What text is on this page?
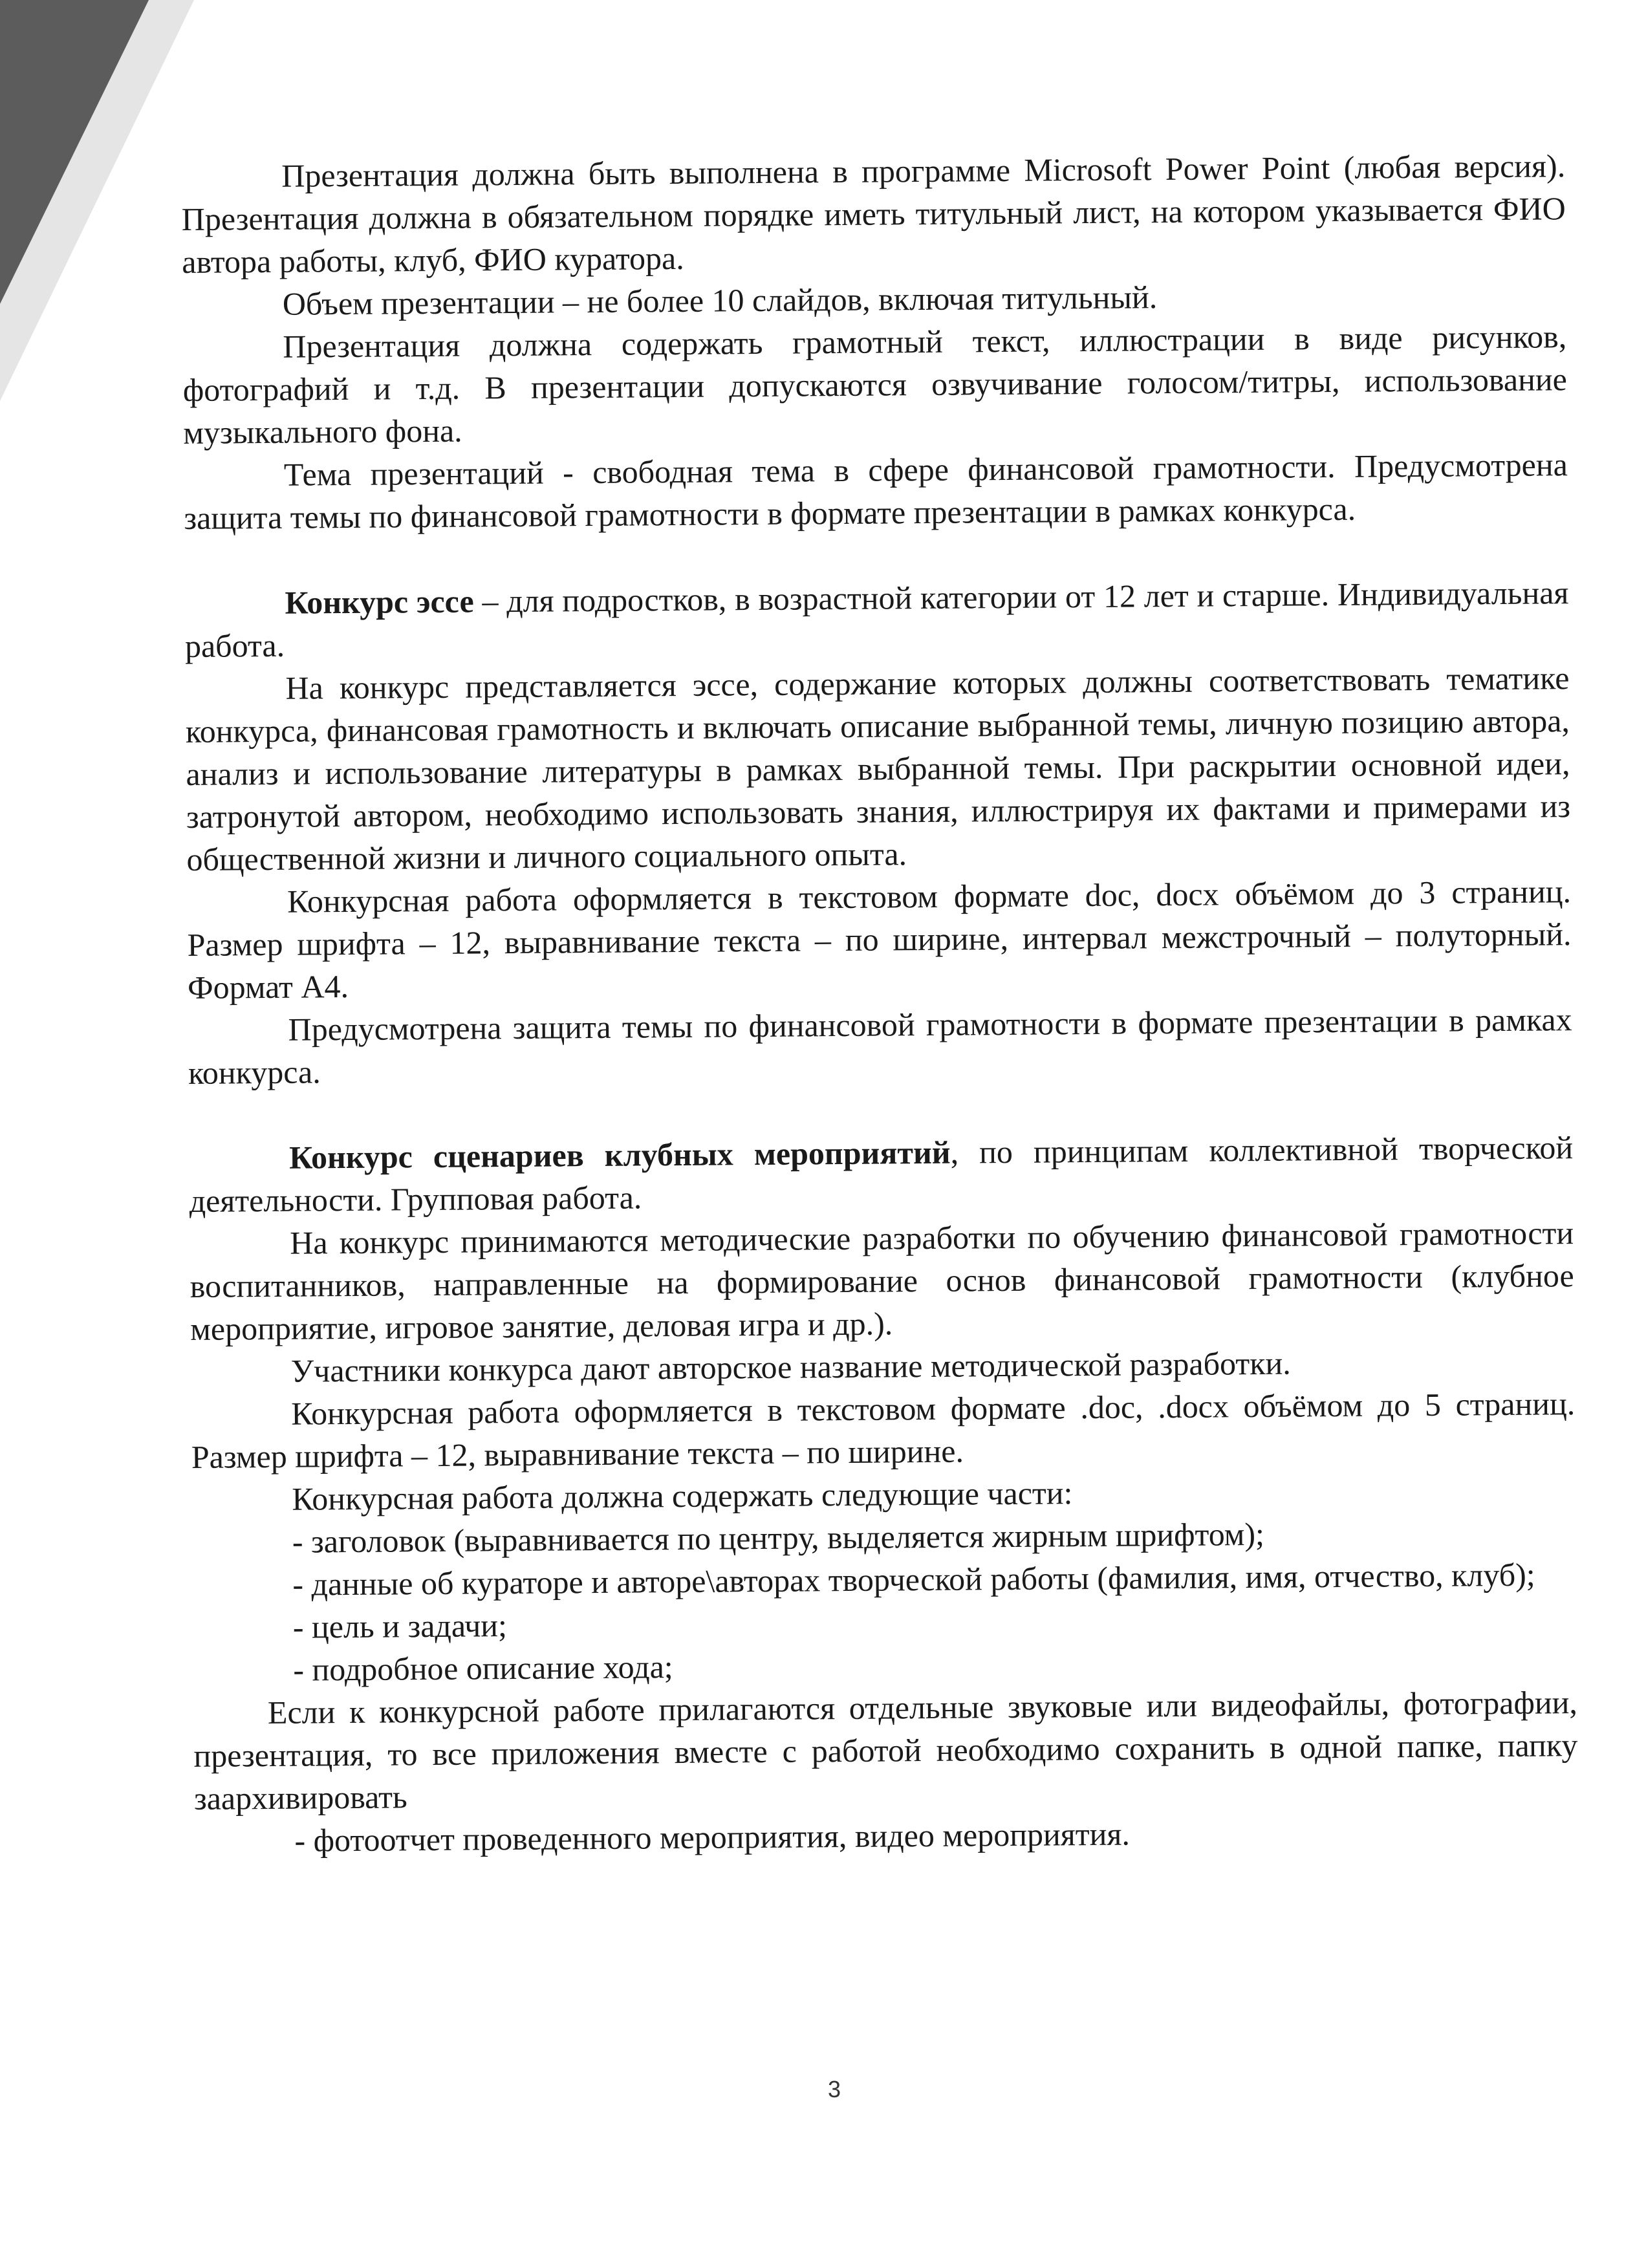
Презентация должна быть выполнена в программе Microsoft Power Point (любая версия). Презентация должна в обязательном порядке иметь титульный лист, на котором указывается ФИО автора работы, клуб, ФИО куратора.

Объем презентации – не более 10 слайдов, включая титульный.

Презентация должна содержать грамотный текст, иллюстрации в виде рисунков, фотографий и т.д. В презентации допускаются озвучивание голосом/титры, использование музыкального фона.

Тема презентаций - свободная тема в сфере финансовой грамотности. Предусмотрена защита темы по финансовой грамотности в формате презентации в рамках конкурса.

Конкурс эссе – для подростков, в возрастной категории от 12 лет и старше. Индивидуальная работа.

На конкурс представляется эссе, содержание которых должны соответствовать тематике конкурса, финансовая грамотность и включать описание выбранной темы, личную позицию автора, анализ и использование литературы в рамках выбранной темы. При раскрытии основной идеи, затронутой автором, необходимо использовать знания, иллюстрируя их фактами и примерами из общественной жизни и личного социального опыта.

Конкурсная работа оформляется в текстовом формате doc, docx объёмом до 3 страниц. Размер шрифта – 12, выравнивание текста – по ширине, интервал межстрочный – полуторный. Формат А4.

Предусмотрена защита темы по финансовой грамотности в формате презентации в рамках конкурса.

Конкурс сценариев клубных мероприятий, по принципам коллективной творческой деятельности. Групповая работа.

На конкурс принимаются методические разработки по обучению финансовой грамотности воспитанников, направленные на формирование основ финансовой грамотности (клубное мероприятие, игровое занятие, деловая игра и др.).

Участники конкурса дают авторское название методической разработки.

Конкурсная работа оформляется в текстовом формате .doc, .docx объёмом до 5 страниц. Размер шрифта – 12, выравнивание текста – по ширине.

Конкурсная работа должна содержать следующие части:

- заголовок (выравнивается по центру, выделяется жирным шрифтом);

- данные об кураторе и авторе\авторах творческой работы (фамилия, имя, отчество, клуб);

- цель и задачи;

- подробное описание хода;

Если к конкурсной работе прилагаются отдельные звуковые или видеофайлы, фотографии, презентация, то все приложения вместе с работой необходимо сохранить в одной папке, папку заархивировать

- фотоотчет проведенного мероприятия, видео мероприятия.

3
